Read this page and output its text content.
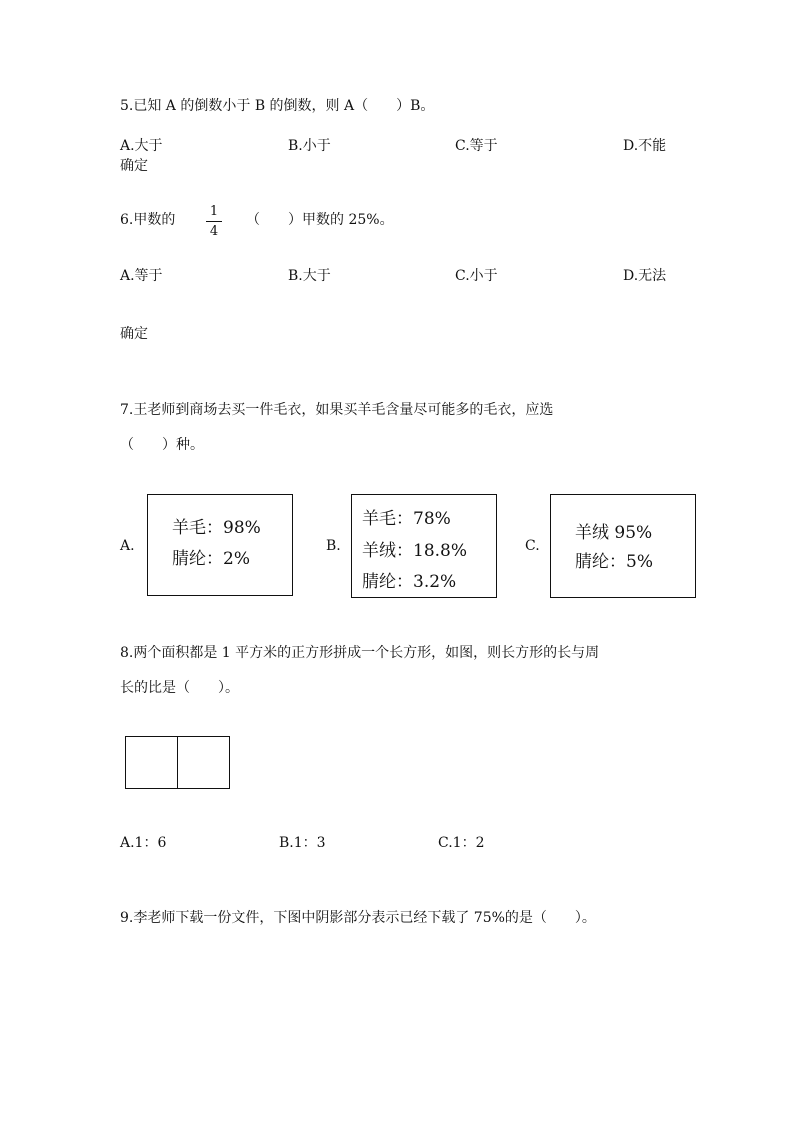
5.已知 A 的倒数小于 B 的倒数，则 A（　　）B。
A.大于	B.小于	C.等于	D.不能
确定
6.甲数的
1
4
（　　）甲数的 25%。
A.等于	B.大于	C.小于	D.无法
确定
7.王老师到商场去买一件毛衣，如果买羊毛含量尽可能多的毛衣，应选
（　　）种。
A.
羊毛：98%
腈纶：2%
B.
羊毛：78%
羊绒：18.8%
腈纶：3.2%
C.
羊绒 95%
腈纶：5%
8.两个面积都是 1 平方米的正方形拼成一个长方形，如图，则长方形的长与周
长的比是（　　）。
A.1：6	B.1：3	C.1：2
9.李老师下载一份文件，下图中阴影部分表示已经下载了 75%的是（　　）。
